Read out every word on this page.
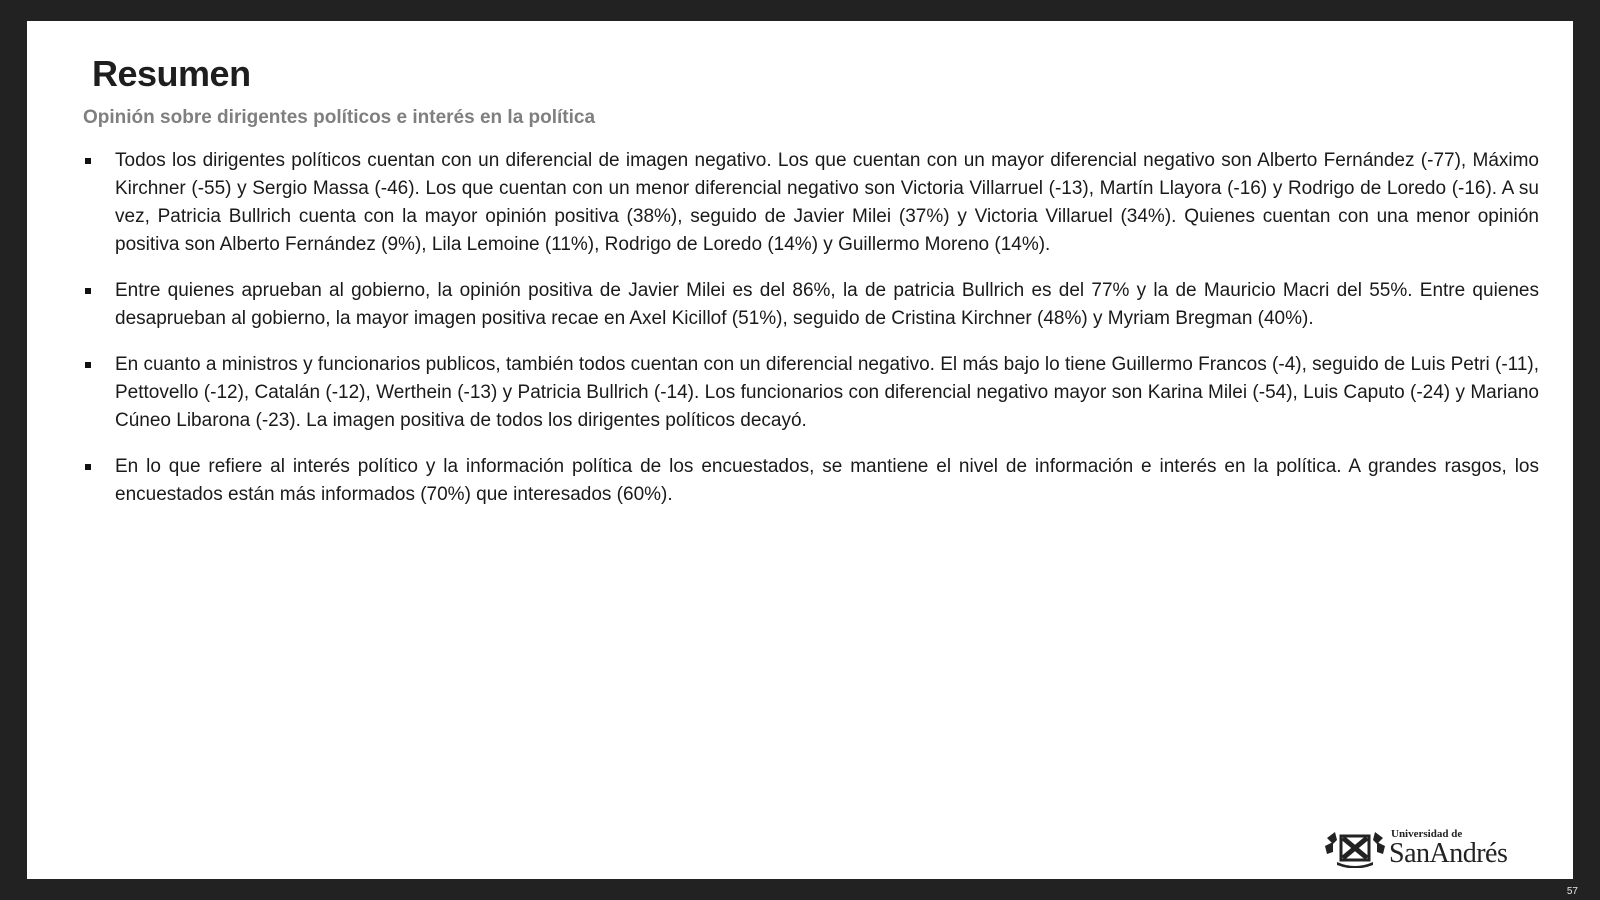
Resumen
Opinión sobre dirigentes políticos e interés en la política
Todos los dirigentes políticos cuentan con un diferencial de imagen negativo. Los que cuentan con un mayor diferencial negativo son Alberto Fernández (-77), Máximo Kirchner (-55) y Sergio Massa (-46). Los que cuentan con un menor diferencial negativo son Victoria Villarruel (-13), Martín Llayora (-16) y Rodrigo de Loredo (-16). A su vez, Patricia Bullrich cuenta con la mayor opinión positiva (38%), seguido de Javier Milei (37%) y Victoria Villaruel (34%). Quienes cuentan con una menor opinión positiva son Alberto Fernández (9%), Lila Lemoine (11%), Rodrigo de Loredo (14%) y Guillermo Moreno (14%).
Entre quienes aprueban al gobierno, la opinión positiva de Javier Milei es del 86%, la de patricia Bullrich es del 77% y la de Mauricio Macri del 55%. Entre quienes desaprueban al gobierno, la mayor imagen positiva recae en Axel Kicillof (51%), seguido de Cristina Kirchner (48%) y Myriam Bregman (40%).
En cuanto a ministros y funcionarios publicos, también todos cuentan con un diferencial negativo. El más bajo lo tiene Guillermo Francos (-4), seguido de Luis Petri (-11), Pettovello (-12), Catalán (-12), Werthein (-13) y Patricia Bullrich (-14). Los funcionarios con diferencial negativo mayor son Karina Milei (-54), Luis Caputo (-24) y Mariano Cúneo Libarona (-23). La imagen positiva de todos los dirigentes políticos decayó.
En lo que refiere al interés político y la información política de los encuestados, se mantiene el nivel de información e interés en la política. A grandes rasgos, los encuestados están más informados (70%) que interesados (60%).
Universidad de
SanAndrés
57
